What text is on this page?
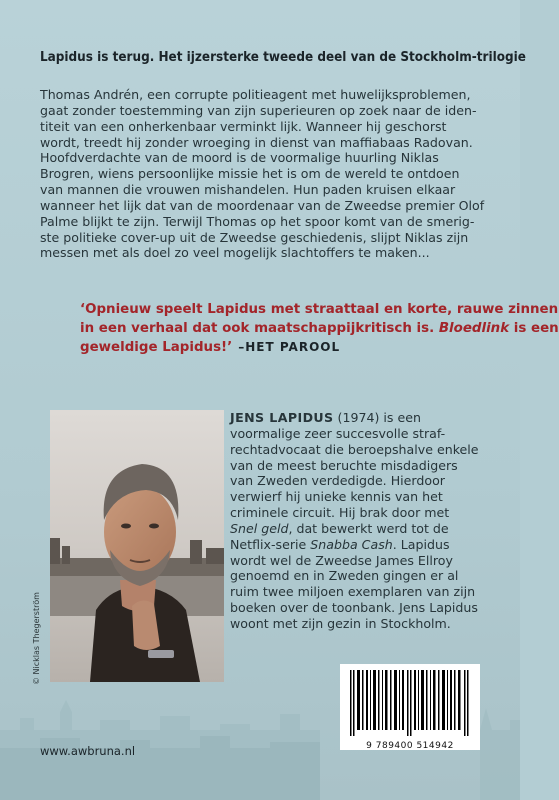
Lapidus is terug. Het ijzersterke tweede deel van de Stockholm-trilogie

Thomas Andrén, een corrupte politieagent met huwelijksproblemen,
gaat zonder toestemming van zijn superieuren op zoek naar de iden-
titeit van een onherkenbaar verminkt lijk. Wanneer hij geschorst
wordt, treedt hij zonder wroeging in dienst van maffiabaas Radovan.
Hoofdverdachte van de moord is de voormalige huurling Niklas
Brogren, wiens persoonlijke missie het is om de wereld te ontdoen
van mannen die vrouwen mishandelen. Hun paden kruisen elkaar
wanneer het lijk dat van de moordenaar van de Zweedse premier Olof
Palme blijkt te zijn. Terwijl Thomas op het spoor komt van de smerig-
ste politieke cover-up uit de Zweedse geschiedenis, slijpt Niklas zijn
messen met als doel zo veel mogelijk slachtoffers te maken...

‘Opnieuw speelt Lapidus met straattaal en korte, rauwe zinnen
in een verhaal dat ook maatschappijkritisch is. Bloedlink is een
geweldige Lapidus!’ –HET PAROOL

© Nicklas Thegerström

JENS LAPIDUS (1974) is een
voormalige zeer succesvolle straf-
rechtadvocaat die beroepshalve enkele
van de meest beruchte misdadigers
van Zweden verdedigde. Hierdoor
verwierf hij unieke kennis van het
criminele circuit. Hij brak door met
Snel geld, dat bewerkt werd tot de
Netflix-serie Snabba Cash. Lapidus
wordt wel de Zweedse James Ellroy
genoemd en in Zweden gingen er al
ruim twee miljoen exemplaren van zijn
boeken over de toonbank. Jens Lapidus
woont met zijn gezin in Stockholm.

9 789400 514942
www.awbruna.nl
